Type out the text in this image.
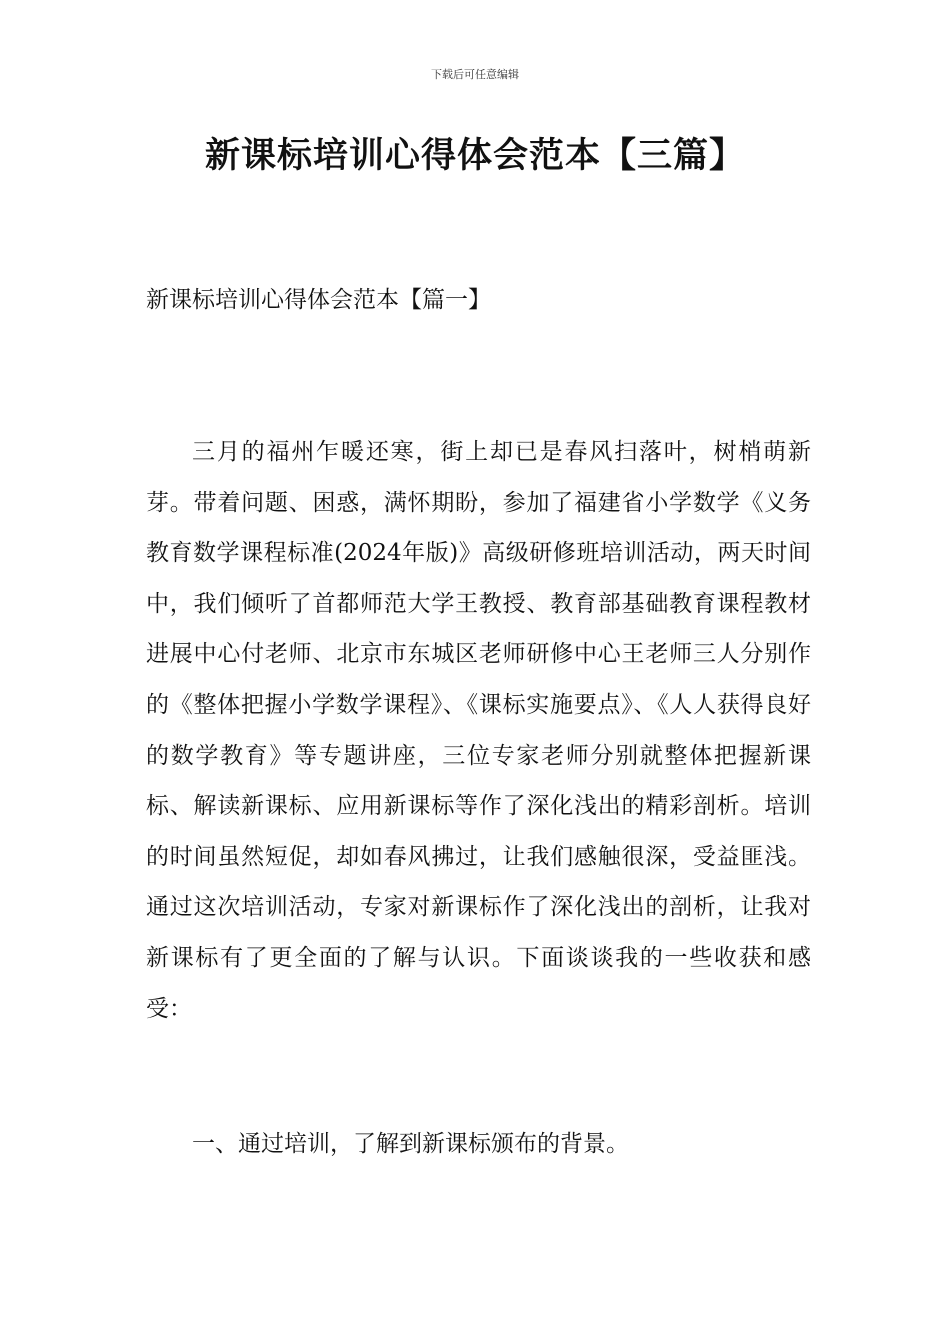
下载后可任意编辑
新课标培训心得体会范本【三篇】
新课标培训心得体会范本【篇一】

三月的福州乍暖还寒，街上却已是春风扫落叶，树梢萌新芽。带着问题、困惑，满怀期盼，参加了福建省小学数学《义务教育数学课程标准(2024年版)》高级研修班培训活动，两天时间中，我们倾听了首都师范大学王教授、教育部基础教育课程教材进展中心付老师、北京市东城区老师研修中心王老师三人分别作的《整体把握小学数学课程》、《课标实施要点》、《人人获得良好的数学教育》等专题讲座，三位专家老师分别就整体把握新课标、解读新课标、应用新课标等作了深化浅出的精彩剖析。培训的时间虽然短促，却如春风拂过，让我们感触很深，受益匪浅。通过这次培训活动，专家对新课标作了深化浅出的剖析，让我对新课标有了更全面的了解与认识。下面谈谈我的一些收获和感受：

一、通过培训，了解到新课标颁布的背景。
